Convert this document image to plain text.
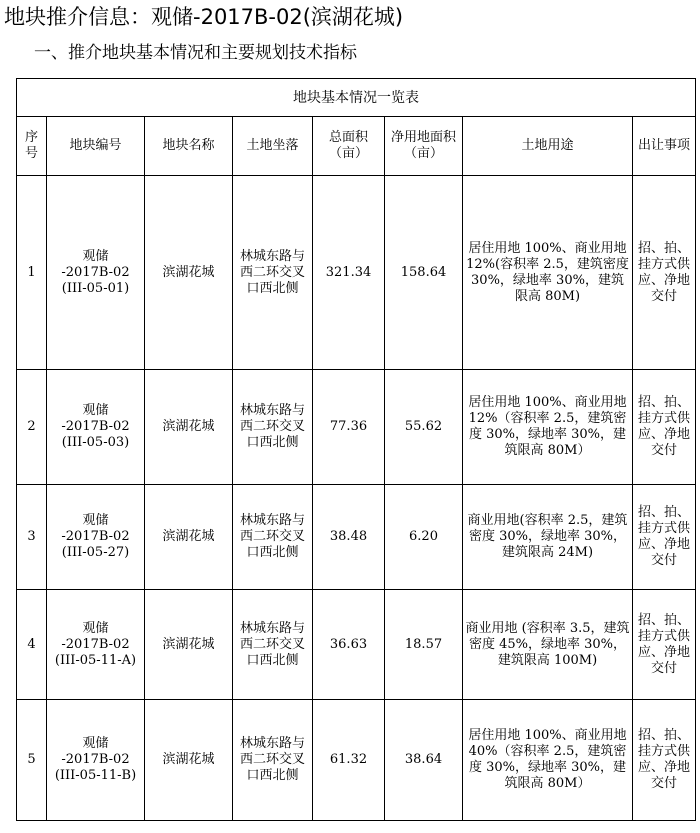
地块推介信息：观储-2017B-02(滨湖花城)
一、推介地块基本情况和主要规划技术指标
地块基本情况一览表							
序号	地块编号	地块名称	土地坐落	总面积（亩）	净用地面积（亩）	土地用途	出让事项
1	观储
-2017B-02
(III-05-01)	滨湖花城	林城东路与西二环交叉口西北侧	321.34	158.64	居住用地 100%、商业用地 12%(容积率 2.5，建筑密度 30%，绿地率 30%，建筑限高 80M)	招、拍、挂方式供应、净地交付
2	观储
-2017B-02
(III-05-03)	滨湖花城	林城东路与西二环交叉口西北侧	77.36	55.62	居住用地 100%、商业用地 12%（容积率 2.5，建筑密度 30%，绿地率 30%，建筑限高 80M）	招、拍、挂方式供应、净地交付
3	观储
-2017B-02
(III-05-27)	滨湖花城	林城东路与西二环交叉口西北侧	38.48	6.20	商业用地(容积率 2.5，建筑密度 30%，绿地率 30%，建筑限高 24M)	招、拍、挂方式供应、净地交付
4	观储
-2017B-02
(III-05-11-A)	滨湖花城	林城东路与西二环交叉口西北侧	36.63	18.57	商业用地 (容积率 3.5，建筑密度 45%，绿地率 30%，建筑限高 100M)	招、拍、挂方式供应、净地交付
5	观储
-2017B-02
(III-05-11-B)	滨湖花城	林城东路与西二环交叉口西北侧	61.32	38.64	居住用地 100%、商业用地 40%（容积率 2.5，建筑密度 30%，绿地率 30%，建筑限高 80M）	招、拍、挂方式供应、净地交付
